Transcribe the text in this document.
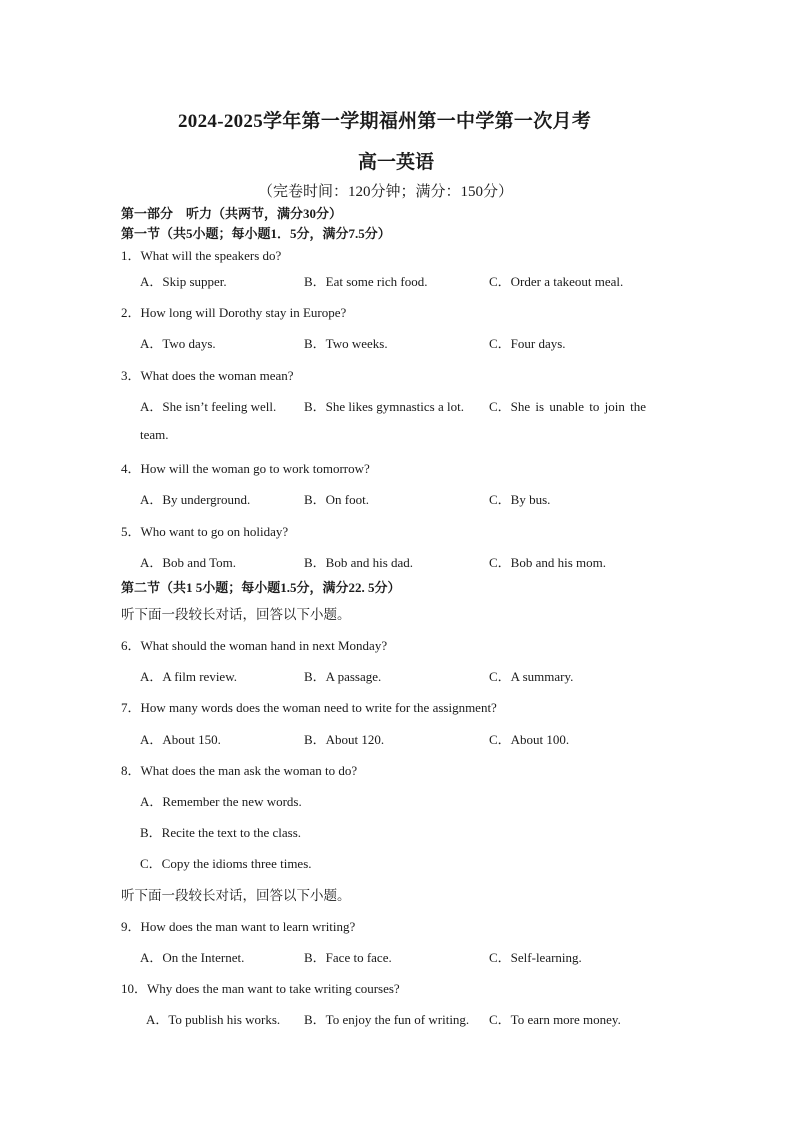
2024-2025学年第一学期福州第一中学第一次月考
高一英语
（完卷时间：120分钟；满分：150分）
第一部分　听力（共两节，满分30分）
第一节（共5小题；每小题1．5分，满分7.5分）
1．What will the speakers do?
A．Skip supper.	B．Eat some rich food.	C．Order a takeout meal.
2．How long will Dorothy stay in Europe?
A．Two days.	B．Two weeks.	C．Four days.
3．What does the woman mean?
A．She isn’t feeling well. B．She likes gymnastics a lot. C．She is unable to join the
team.
4．How will the woman go to work tomorrow?
A．By underground.	B．On foot.	C．By bus.
5．Who want to go on holiday?
A．Bob and Tom.	B．Bob and his dad.	C．Bob and his mom.
第二节（共1 5小题；每小题1.5分，满分22. 5分）
听下面一段较长对话，回答以下小题。
6．What should the woman hand in next Monday?
A．A film review.	B．A passage.	C．A summary.
7．How many words does the woman need to write for the assignment?
A．About 150.	B．About 120.	C．About 100.
8．What does the man ask the woman to do?
A．Remember the new words.
B．Recite the text to the class.
C．Copy the idioms three times.
听下面一段较长对话，回答以下小题。
9．How does the man want to learn writing?
A．On the Internet.	B．Face to face.	C．Self-learning.
10．Why does the man want to take writing courses?
A．To publish his works. B．To enjoy the fun of writing. C．To earn more money.
